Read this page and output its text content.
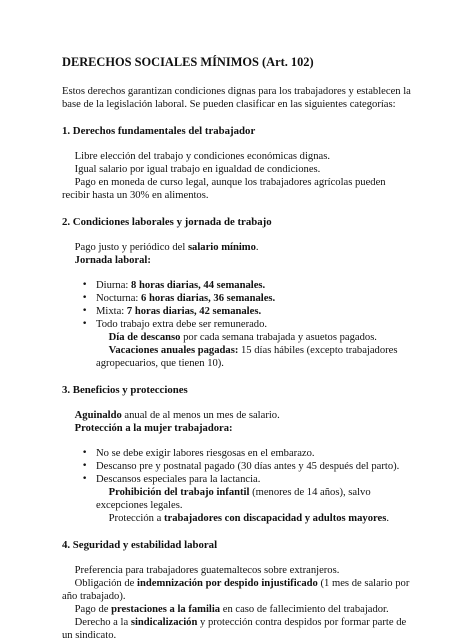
DERECHOS SOCIALES MÍNIMOS (Art. 102)

Estos derechos garantizan condiciones dignas para los trabajadores y establecen la base de la legislación laboral. Se pueden clasificar en las siguientes categorías:

1. Derechos fundamentales del trabajador
Libre elección del trabajo y condiciones económicas dignas.
Igual salario por igual trabajo en igualdad de condiciones.
Pago en moneda de curso legal, aunque los trabajadores agrícolas pueden recibir hasta un 30% en alimentos.
2. Condiciones laborales y jornada de trabajo
Pago justo y periódico del salario mínimo.
Jornada laboral:
• Diurna: 8 horas diarias, 44 semanales.
• Nocturna: 6 horas diarias, 36 semanales.
• Mixta: 7 horas diarias, 42 semanales.
• Todo trabajo extra debe ser remunerado.
Día de descanso por cada semana trabajada y asuetos pagados.
Vacaciones anuales pagadas: 15 días hábiles (excepto trabajadores agropecuarios, que tienen 10).
3. Beneficios y protecciones
Aguinaldo anual de al menos un mes de salario.
Protección a la mujer trabajadora:
• No se debe exigir labores riesgosas en el embarazo.
• Descanso pre y postnatal pagado (30 días antes y 45 después del parto).
• Descansos especiales para la lactancia.
Prohibición del trabajo infantil (menores de 14 años), salvo excepciones legales.
Protección a trabajadores con discapacidad y adultos mayores.
4. Seguridad y estabilidad laboral
Preferencia para trabajadores guatemaltecos sobre extranjeros.
Obligación de indemnización por despido injustificado (1 mes de salario por año trabajado).
Pago de prestaciones a la familia en caso de fallecimiento del trabajador.
Derecho a la sindicalización y protección contra despidos por formar parte de un sindicato.
